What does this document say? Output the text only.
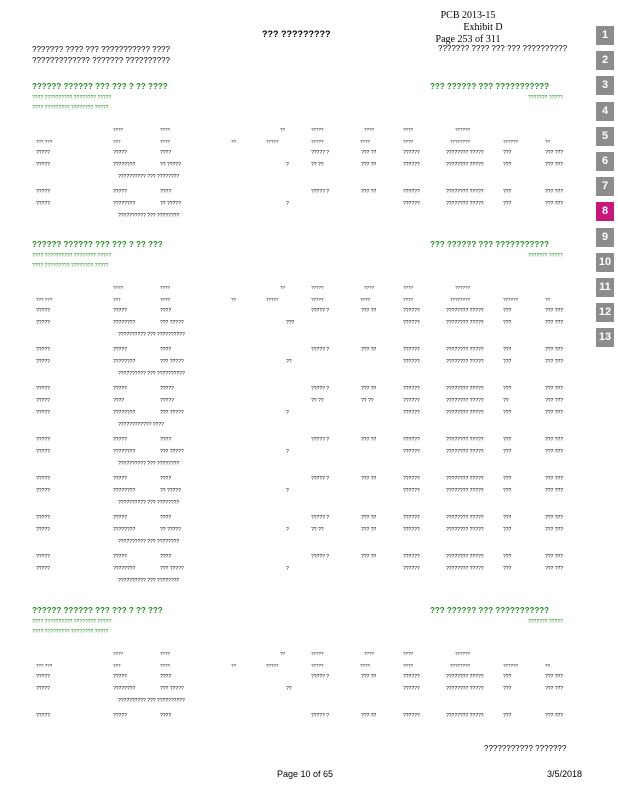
PCB 2013-15
Exhibit D
Page 253 of 311
??? ?????????
??????? ???? ??? ??????????? ????
????????????? ??????? ??????????
??????? ???? ??? ??? ??????????
?????? ?????? ??? ??? ? ?? ????	??? ?????? ??? ???????????
???? ?????????? ???????? ?????
???? ????????? ???????? ?????
??????? ?????
????	????	??	?????	????	????	??????
??? ???	???	????	??	?????	?????	????	????	????????	??????	??
?????	?????	????	????? ?	??? ??	??????	???????? ?????	???	??? ???
?????	????????	?? ?????	?	?? ??	??? ??	??????	???????? ?????	???	??? ???
?????????? ??? ????????
?????	?????	????	????? ?	??? ??	??????	???????? ?????	???	??? ???
?????	????????	?? ?????	?	??????	???????? ?????	???	??? ???
?????????? ??? ????????
?????? ?????? ??? ??? ? ?? ???	??? ?????? ??? ???????????
???? ?????????? ???????? ?????
???? ????????? ???????? ?????
??????? ?????
????	????	??	?????	????	????	??????
??? ???	???	????	??	?????	?????	????	????	????????	??????	??
?????	?????	????	????? ?	??? ??	??????	???????? ?????	???	??? ???
?????	????????	??? ?????	???	??????	???????? ?????	???	??? ???
?????????? ??? ??????????
?????	?????	????	????? ?	??? ??	??????	???????? ?????	???	??? ???
?????	????????	??? ?????	??	??????	???????? ?????	???	??? ???
?????????? ??? ??????????
?????	?????	?????	????? ?	??? ??	??????	???????? ?????	???	??? ???
?????	????	?????	?? ??	?? ??	??????	???????? ?????	??	??? ???
?????	????????	??? ?????	?	??????	???????? ?????	???	??? ???
???????????? ????
?????	?????	????	????? ?	??? ??	??????	???????? ?????	???	??? ???
?????	????????	??? ?????	?	??????	???????? ?????	???	??? ???
?????????? ??? ????????
?????	?????	????	????? ?	??? ??	??????	???????? ?????	???	??? ???
?????	????????	?? ?????	?	??????	???????? ?????	???	??? ???
?????????? ??? ????????
?????	?????	????	????? ?	??? ??	??????	???????? ?????	???	??? ???
?????	????????	?? ?????	?	?? ??	??? ??	??????	???????? ?????	???	??? ???
?????????? ??? ????????
?????	?????	????	????? ?	??? ??	??????	???????? ?????	???	??? ???
?????	????????	??? ?????	?	??????	???????? ?????	???	??? ???
?????????? ??? ????????
?????? ?????? ??? ??? ? ?? ???	??? ?????? ??? ???????????
???? ?????????? ???????? ?????
???? ????????? ???????? ?????
??????? ?????
????	????	??	?????	????	????	??????
??? ???	???	????	??	?????	?????	????	????	????????	??????	??
?????	?????	????	????? ?	??? ??	??????	???????? ?????	???	??? ???
?????	????????	??? ?????	??	??????	???????? ?????	???	??? ???
?????????? ??? ??????????
?????	?????	????	????? ?	??? ??	??????	???????? ?????	???	??? ???
??????????? ???????
Page 10 of 65	3/5/2018
1
2
3
4
5
6
7
8
9
10
11
12
13
